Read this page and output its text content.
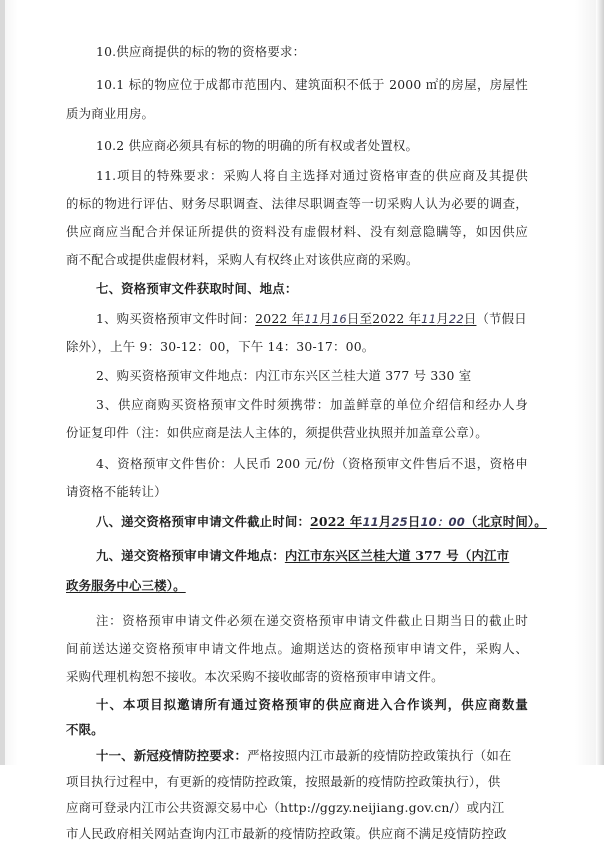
10.供应商提供的标的物的资格要求：

10.1 标的物应位于成都市范围内、建筑面积不低于 2000 ㎡的房屋，房屋性

质为商业用房。

10.2 供应商必须具有标的物的明确的所有权或者处置权。

11.项目的特殊要求：采购人将自主选择对通过资格审查的供应商及其提供

的标的物进行评估、财务尽职调查、法律尽职调查等一切采购人认为必要的调查，

供应商应当配合并保证所提供的资料没有虚假材料、没有刻意隐瞒等，如因供应

商不配合或提供虚假材料，采购人有权终止对该供应商的采购。

七、资格预审文件获取时间、地点：

1、购买资格预审文件时间：2022 年11月16日至2022 年11月22日（节假日

除外），上午 9：30-12：00，下午 14：30-17：00。

2、购买资格预审文件地点：内江市东兴区兰桂大道 377 号 330 室

3、供应商购买资格预审文件时须携带：加盖鲜章的单位介绍信和经办人身

份证复印件（注：如供应商是法人主体的，须提供营业执照并加盖章公章）。

4、资格预审文件售价：人民币 200 元/份（资格预审文件售后不退，资格申

请资格不能转让）

八、递交资格预审申请文件截止时间：2022 年11月25日10：00（北京时间）。

九、递交资格预审申请文件地点：内江市东兴区兰桂大道 377 号（内江市

政务服务中心三楼）。

注：资格预审申请文件必须在递交资格预审申请文件截止日期当日的截止时

间前送达递交资格预审申请文件地点。逾期送达的资格预审申请文件，采购人、

采购代理机构恕不接收。本次采购不接收邮寄的资格预审申请文件。

十、本项目拟邀请所有通过资格预审的供应商进入合作谈判，供应商数量

不限。

十一、新冠疫情防控要求：严格按照内江市最新的疫情防控政策执行（如在

项目执行过程中，有更新的疫情防控政策，按照最新的疫情防控政策执行），供

应商可登录内江市公共资源交易中心（http://ggzy.neijiang.gov.cn/）或内江

市人民政府相关网站查询内江市最新的疫情防控政策。供应商不满足疫情防控政
